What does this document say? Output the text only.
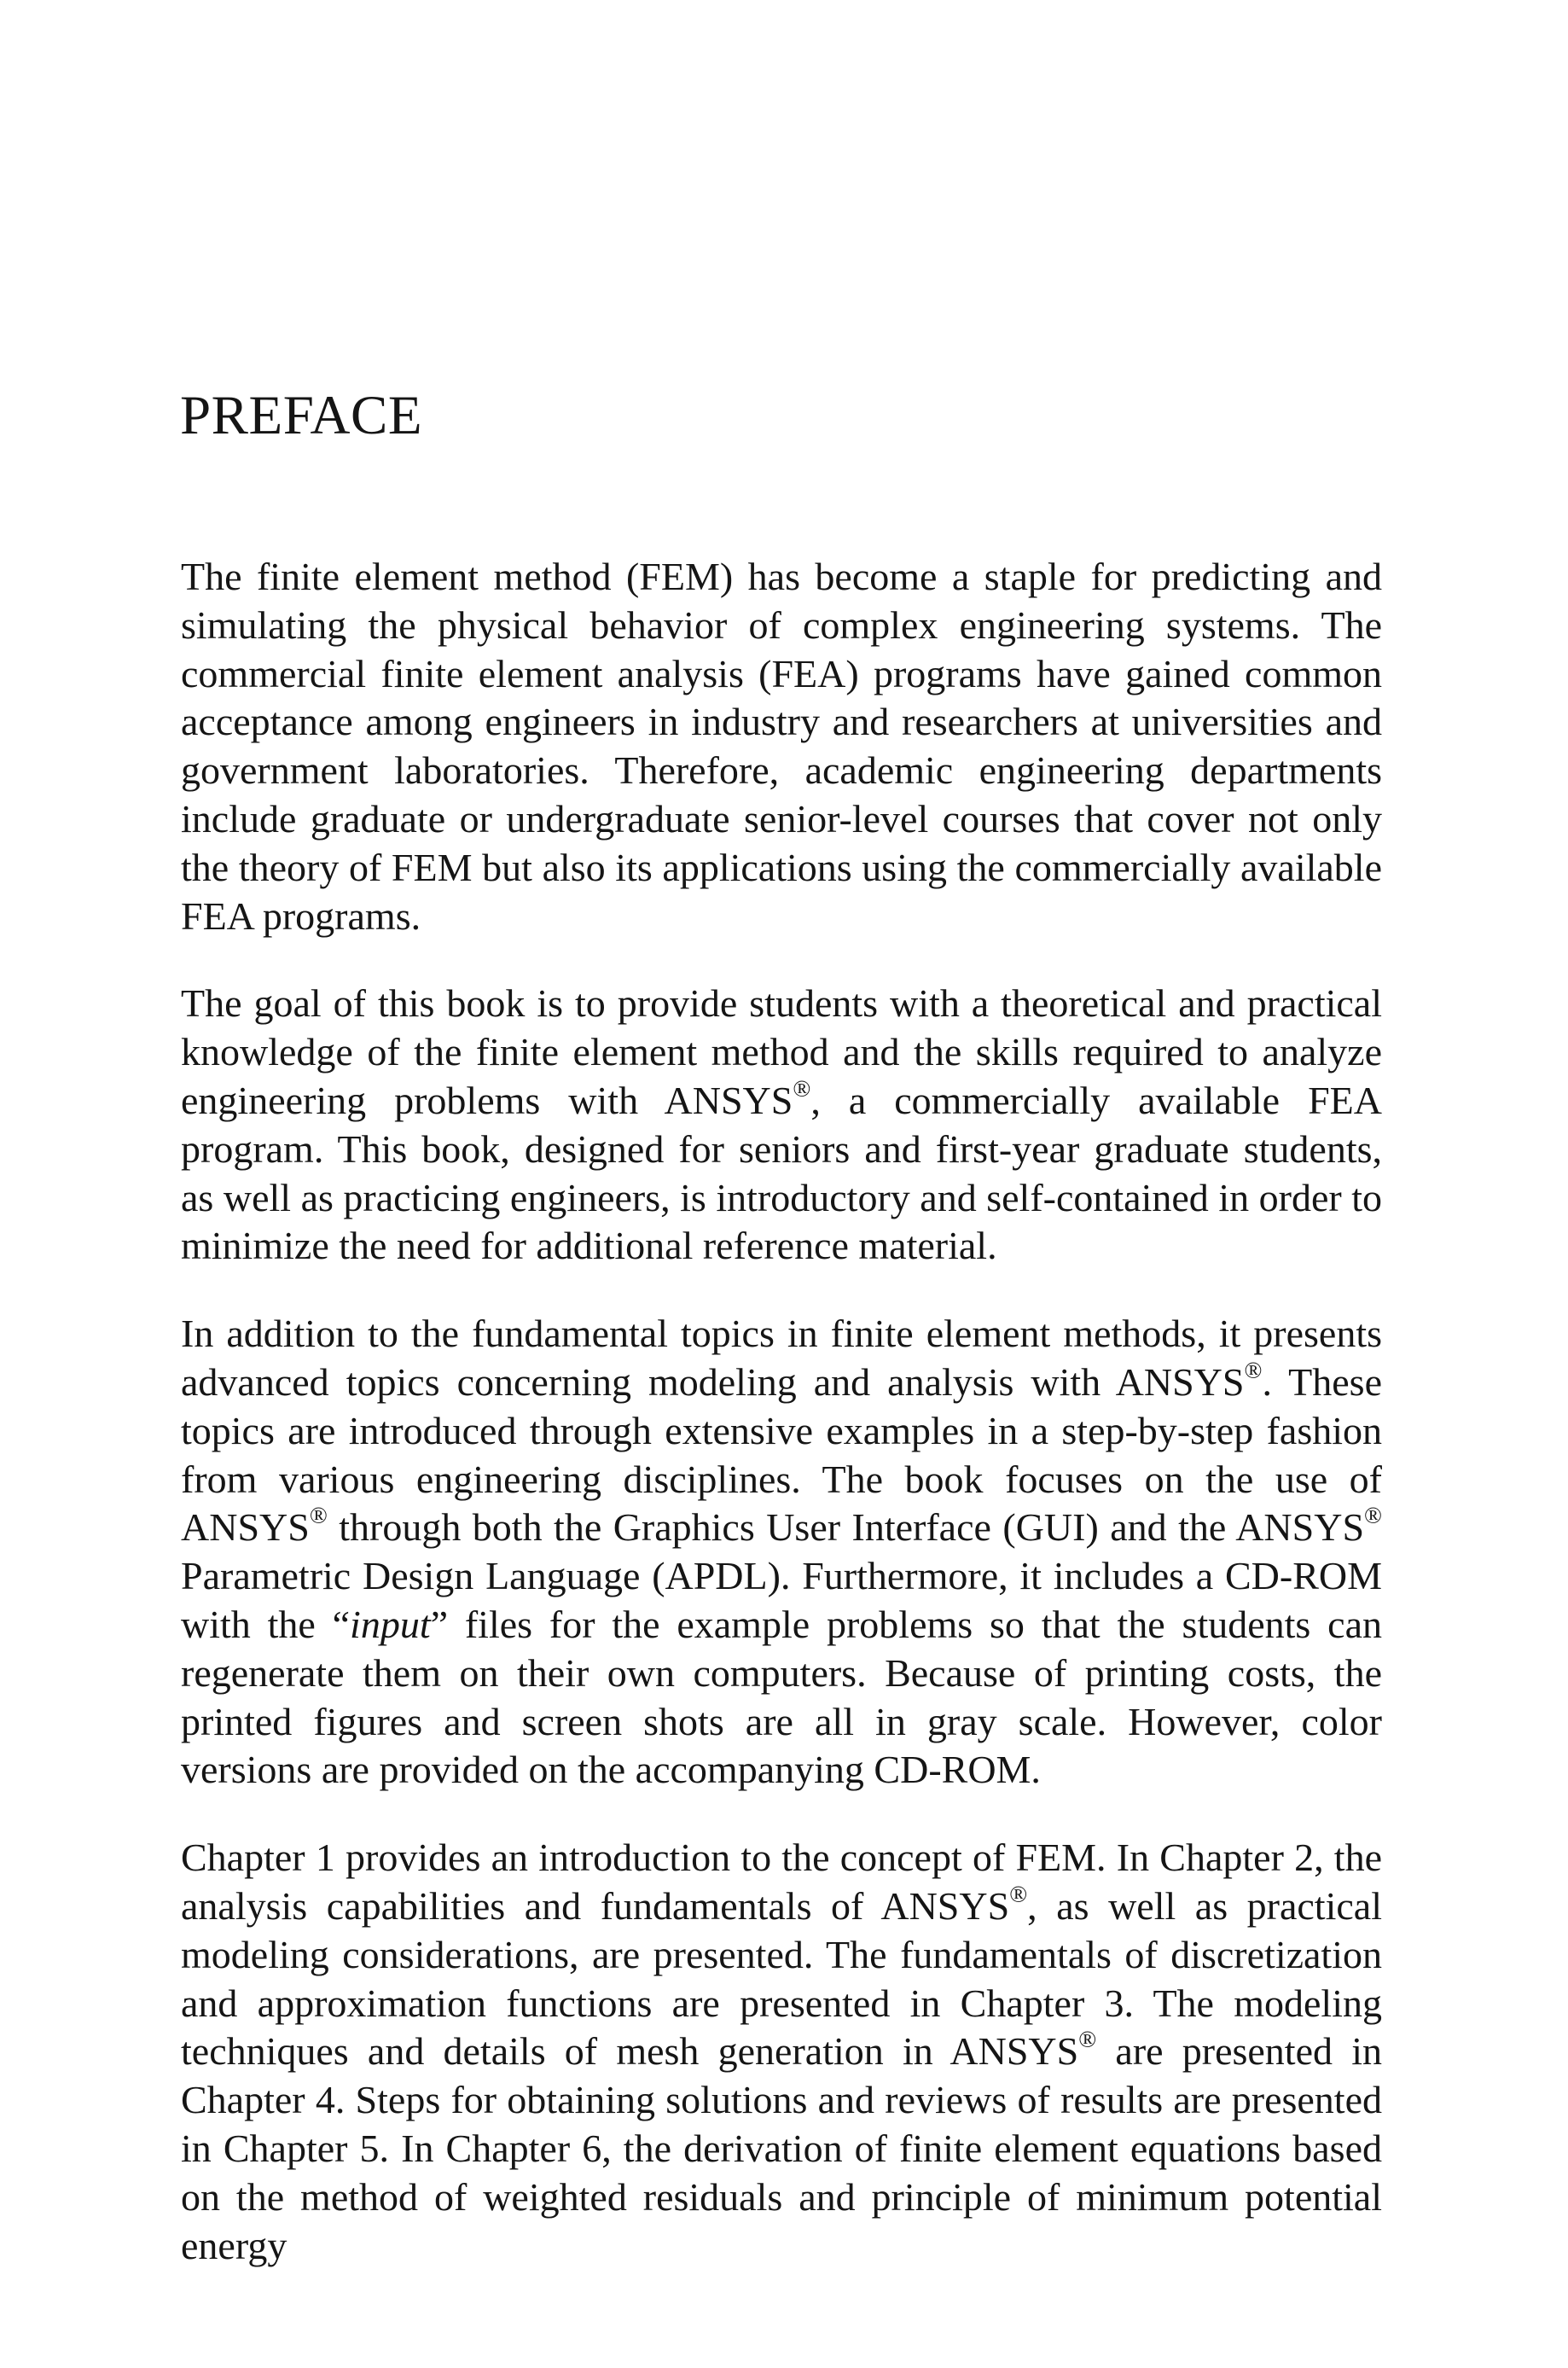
PREFACE

The finite element method (FEM) has become a staple for predicting and simulating the physical behavior of complex engineering systems. The commercial finite element analysis (FEA) programs have gained common acceptance among engineers in industry and researchers at universities and government laboratories. Therefore, academic engineering departments include graduate or undergraduate senior-level courses that cover not only the theory of FEM but also its applications using the commercially available FEA programs.

The goal of this book is to provide students with a theoretical and practical knowledge of the finite element method and the skills required to analyze engineering problems with ANSYS®, a commercially available FEA program. This book, designed for seniors and first-year graduate students, as well as practicing engineers, is introductory and self-contained in order to minimize the need for additional reference material.

In addition to the fundamental topics in finite element methods, it presents advanced topics concerning modeling and analysis with ANSYS®. These topics are introduced through extensive examples in a step-by-step fashion from various engineering disciplines. The book focuses on the use of ANSYS® through both the Graphics User Interface (GUI) and the ANSYS® Parametric Design Language (APDL). Furthermore, it includes a CD-ROM with the “input” files for the example problems so that the students can regenerate them on their own computers. Because of printing costs, the printed figures and screen shots are all in gray scale. However, color versions are provided on the accompanying CD-ROM.

Chapter 1 provides an introduction to the concept of FEM. In Chapter 2, the analysis capabilities and fundamentals of ANSYS®, as well as practical modeling considerations, are presented. The fundamentals of discretization and approximation functions are presented in Chapter 3. The modeling techniques and details of mesh generation in ANSYS® are presented in Chapter 4. Steps for obtaining solutions and reviews of results are presented in Chapter 5. In Chapter 6, the derivation of finite element equations based on the method of weighted residuals and principle of minimum potential energy
